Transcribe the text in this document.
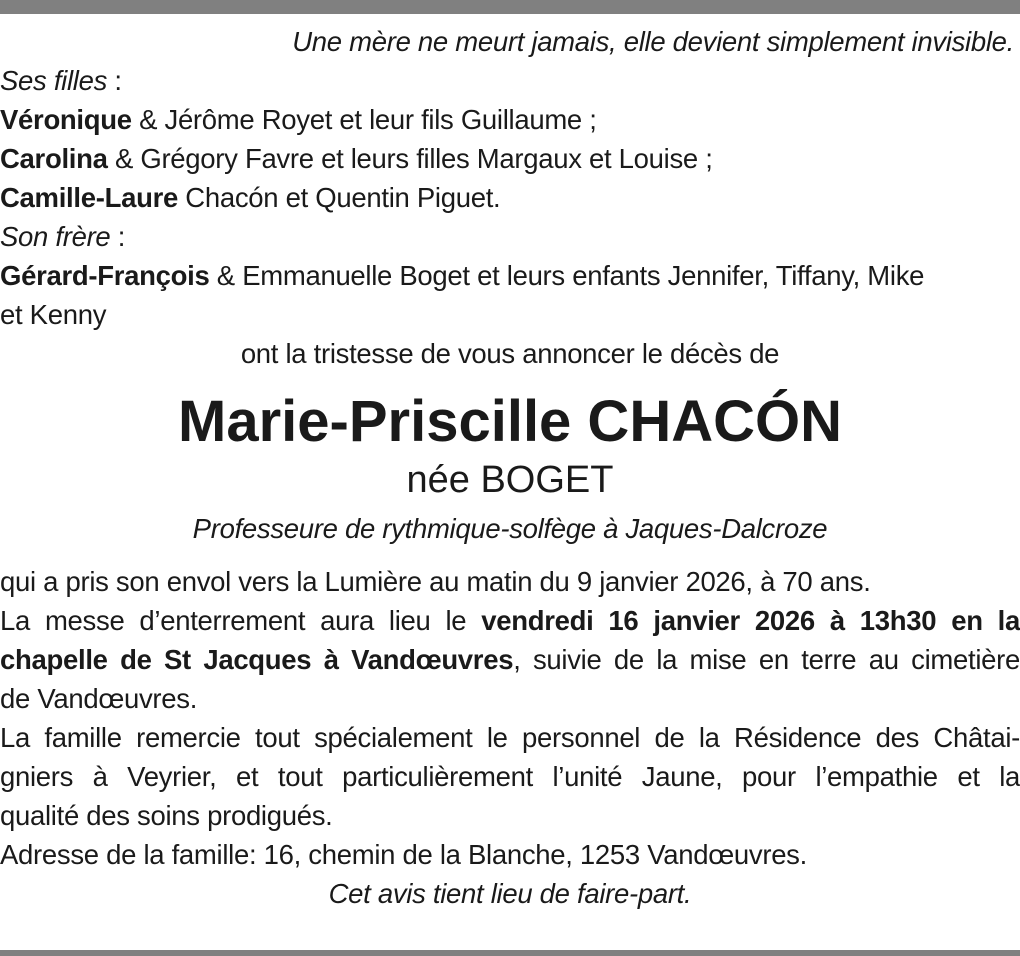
Une mère ne meurt jamais, elle devient simplement invisible.
Ses filles :
Véronique & Jérôme Royet et leur fils Guillaume ;
Carolina & Grégory Favre et leurs filles Margaux et Louise ;
Camille-Laure Chacón et Quentin Piguet.
Son frère :
Gérard-François & Emmanuelle Boget et leurs enfants Jennifer, Tiffany, Mike
et Kenny
ont la tristesse de vous annoncer le décès de
Marie-Priscille CHACÓN
née BOGET
Professeure de rythmique-solfège à Jaques-Dalcroze
qui a pris son envol vers la Lumière au matin du 9 janvier 2026, à 70 ans.
La messe d’enterrement aura lieu le vendredi 16 janvier 2026 à 13h30 en la
chapelle de St Jacques à Vandœuvres, suivie de la mise en terre au cimetière
de Vandœuvres.
La famille remercie tout spécialement le personnel de la Résidence des Châtai-
gniers à Veyrier, et tout particulièrement l’unité Jaune, pour l’empathie et la
qualité des soins prodigués.
Adresse de la famille: 16, chemin de la Blanche, 1253 Vandœuvres.
Cet avis tient lieu de faire-part.
